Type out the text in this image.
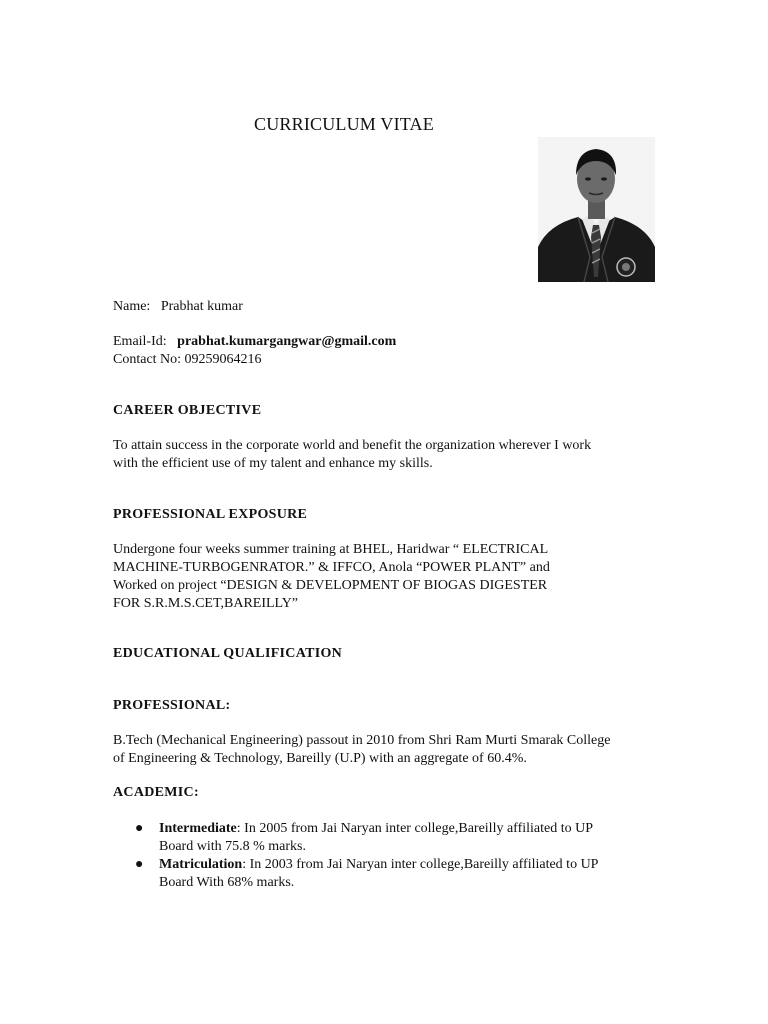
CURRICULUM VITAE
Name: Prabhat kumar
Email-Id: prabhat.kumargangwar@gmail.com
Contact No: 09259064216
CAREER OBJECTIVE
To attain success in the corporate world and benefit the organization wherever I work
with the efficient use of my talent and enhance my skills.
PROFESSIONAL EXPOSURE
Undergone four weeks summer training at BHEL, Haridwar “ ELECTRICAL
MACHINE-TURBOGENRATOR.” & IFFCO, Anola “POWER PLANT” and
Worked on project “DESIGN & DEVELOPMENT OF BIOGAS DIGESTER
FOR S.R.M.S.CET,BAREILLY”
EDUCATIONAL QUALIFICATION
PROFESSIONAL:
B.Tech (Mechanical Engineering) passout in 2010 from Shri Ram Murti Smarak College
of Engineering & Technology, Bareilly (U.P) with an aggregate of 60.4%.
ACADEMIC:
● Intermediate: In 2005 from Jai Naryan inter college,Bareilly affiliated to UP
Board with 75.8 % marks.
● Matriculation: In 2003 from Jai Naryan inter college,Bareilly affiliated to UP
Board With 68% marks.
